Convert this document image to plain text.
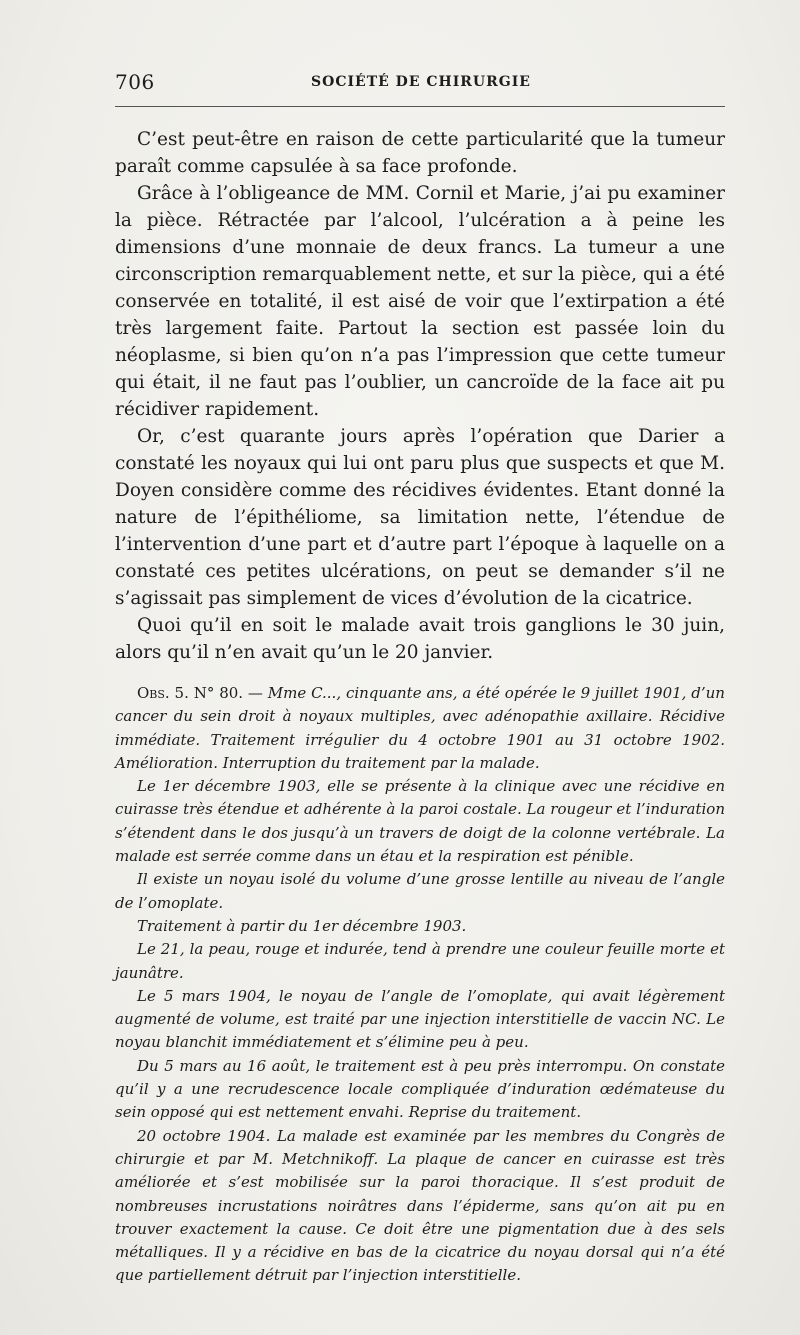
706	SOCIÉTÉ DE CHIRURGIE

C’est peut-être en raison de cette particularité que la tumeur paraît comme capsulée à sa face profonde.

Grâce à l’obligeance de MM. Cornil et Marie, j’ai pu examiner la pièce. Rétractée par l’alcool, l’ulcération a à peine les dimensions d’une monnaie de deux francs. La tumeur a une circonscription remarquablement nette, et sur la pièce, qui a été conservée en totalité, il est aisé de voir que l’extirpation a été très largement faite. Partout la section est passée loin du néoplasme, si bien qu’on n’a pas l’impression que cette tumeur qui était, il ne faut pas l’oublier, un cancroïde de la face ait pu récidiver rapidement.

Or, c’est quarante jours après l’opération que Darier a constaté les noyaux qui lui ont paru plus que suspects et que M. Doyen considère comme des récidives évidentes. Etant donné la nature de l’épithéliome, sa limitation nette, l’étendue de l’intervention d’une part et d’autre part l’époque à laquelle on a constaté ces petites ulcérations, on peut se demander s’il ne s’agissait pas simplement de vices d’évolution de la cicatrice.

Quoi qu’il en soit le malade avait trois ganglions le 30 juin, alors qu’il n’en avait qu’un le 20 janvier.

Obs. 5. N° 80. — Mme C..., cinquante ans, a été opérée le 9 juillet 1901, d’un cancer du sein droit à noyaux multiples, avec adénopathie axillaire. Récidive immédiate. Traitement irrégulier du 4 octobre 1901 au 31 octobre 1902. Amélioration. Interruption du traitement par la malade.

Le 1er décembre 1903, elle se présente à la clinique avec une récidive en cuirasse très étendue et adhérente à la paroi costale. La rougeur et l’induration s’étendent dans le dos jusqu’à un travers de doigt de la colonne vertébrale. La malade est serrée comme dans un étau et la respiration est pénible.

Il existe un noyau isolé du volume d’une grosse lentille au niveau de l’angle de l’omoplate.

Traitement à partir du 1er décembre 1903.

Le 21, la peau, rouge et indurée, tend à prendre une couleur feuille morte et jaunâtre.

Le 5 mars 1904, le noyau de l’angle de l’omoplate, qui avait légèrement augmenté de volume, est traité par une injection interstitielle de vaccin NC. Le noyau blanchit immédiatement et s’élimine peu à peu.

Du 5 mars au 16 août, le traitement est à peu près interrompu. On constate qu’il y a une recrudescence locale compliquée d’induration œdémateuse du sein opposé qui est nettement envahi. Reprise du traitement.

20 octobre 1904. La malade est examinée par les membres du Congrès de chirurgie et par M. Metchnikoff. La plaque de cancer en cuirasse est très améliorée et s’est mobilisée sur la paroi thoracique. Il s’est produit de nombreuses incrustations noirâtres dans l’épiderme, sans qu’on ait pu en trouver exactement la cause. Ce doit être une pigmentation due à des sels métalliques. Il y a récidive en bas de la cicatrice du noyau dorsal qui n’a été que partiellement détruit par l’injection interstitielle.
